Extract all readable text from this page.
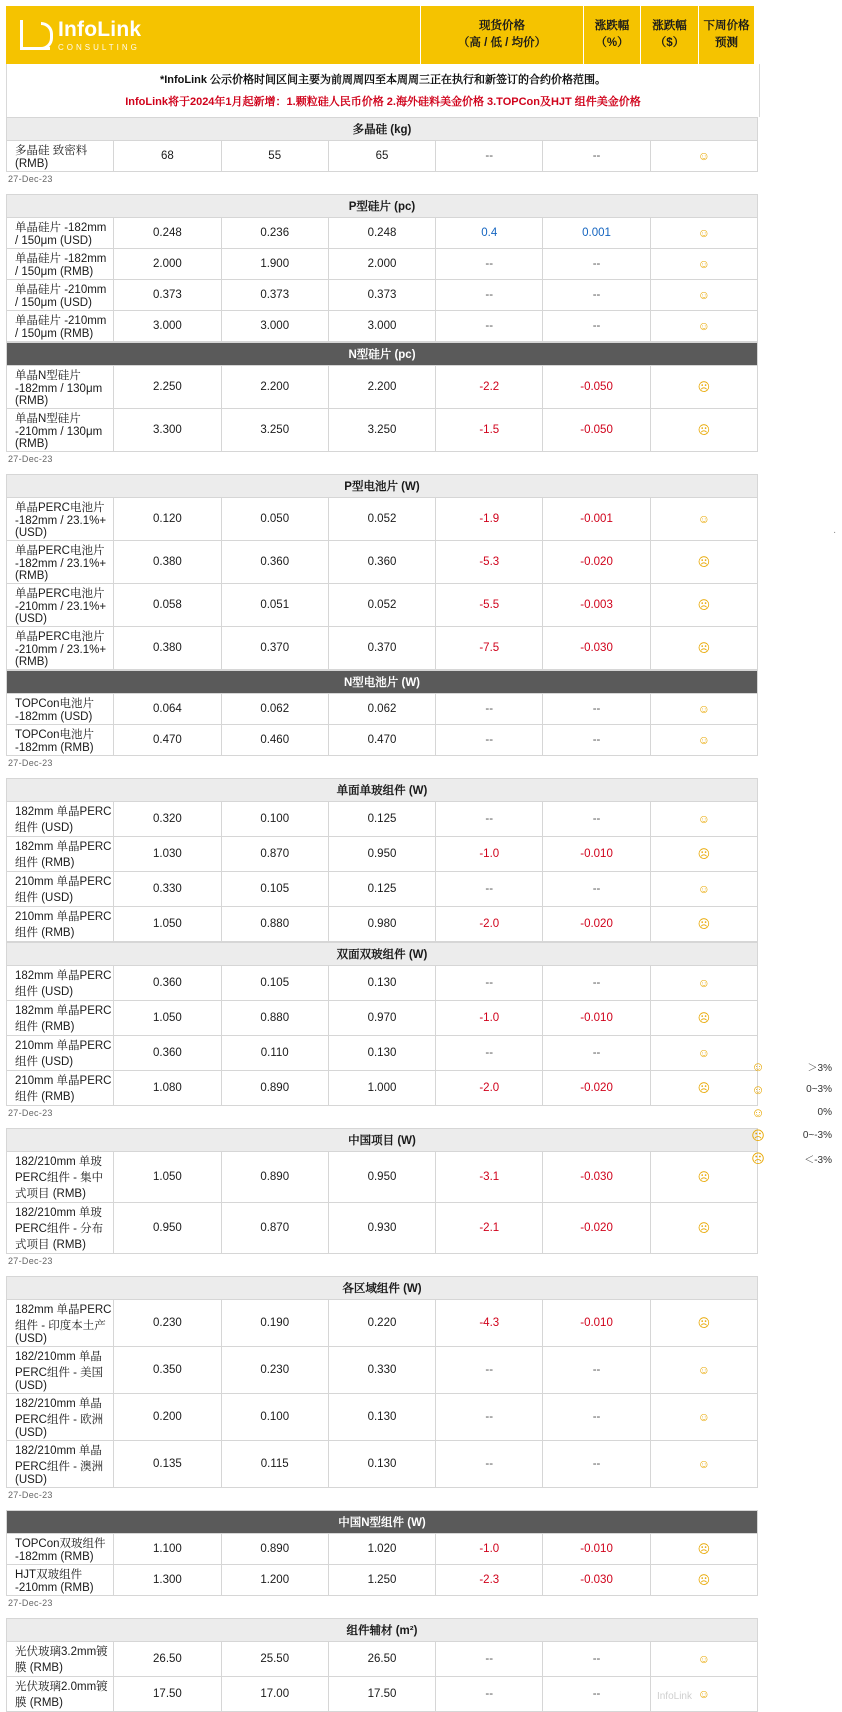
InfoLink
CONSULTING
现货价格
（高 / 低 / 均价）
涨跌幅
（%）
涨跌幅
（$）
下周价格
预测
*InfoLink 公示价格时间区间主要为前周周四至本周周三正在执行和新签订的合约价格范围。
InfoLink将于2024年1月起新增：1.颗粒硅人民币价格 2.海外硅料美金价格 3.TOPCon及HJT 组件美金价格
多晶硅 (kg)
多晶硅 致密料 (RMB)	68	55	65	--	--	☺
27-Dec-23
P型硅片 (pc)						
单晶硅片 -182mm / 150μm (USD)	0.248	0.236	0.248	0.4	0.001	☺
单晶硅片 -182mm / 150μm (RMB)	2.000	1.900	2.000	--	--	☺
单晶硅片 -210mm / 150μm (USD)	0.373	0.373	0.373	--	--	☺
单晶硅片 -210mm / 150μm (RMB)	3.000	3.000	3.000	--	--	☺
N型硅片 (pc)						
单晶N型硅片 -182mm / 130μm (RMB)	2.250	2.200	2.200	-2.2	-0.050	☹
单晶N型硅片 -210mm / 130μm (RMB)	3.300	3.250	3.250	-1.5	-0.050	☹
27-Dec-23
P型电池片 (W)						
单晶PERC电池片 -182mm / 23.1%+ (USD)	0.120	0.050	0.052	-1.9	-0.001	☺
单晶PERC电池片 -182mm / 23.1%+ (RMB)	0.380	0.360	0.360	-5.3	-0.020	☹
单晶PERC电池片 -210mm / 23.1%+ (USD)	0.058	0.051	0.052	-5.5	-0.003	☹
单晶PERC电池片 -210mm / 23.1%+ (RMB)	0.380	0.370	0.370	-7.5	-0.030	☹
N型电池片 (W)						
TOPCon电池片 -182mm (USD)	0.064	0.062	0.062	--	--	☺
TOPCon电池片 -182mm (RMB)	0.470	0.460	0.470	--	--	☺
27-Dec-23
单面单玻组件 (W)						
182mm 单晶PERC组件 (USD)	0.320	0.100	0.125	--	--	☺
182mm 单晶PERC组件 (RMB)	1.030	0.870	0.950	-1.0	-0.010	☹
210mm 单晶PERC组件 (USD)	0.330	0.105	0.125	--	--	☺
210mm 单晶PERC组件 (RMB)	1.050	0.880	0.980	-2.0	-0.020	☹
双面双玻组件 (W)						
182mm 单晶PERC组件 (USD)	0.360	0.105	0.130	--	--	☺
182mm 单晶PERC组件 (RMB)	1.050	0.880	0.970	-1.0	-0.010	☹
210mm 单晶PERC组件 (USD)	0.360	0.110	0.130	--	--	☺
210mm 单晶PERC组件 (RMB)	1.080	0.890	1.000	-2.0	-0.020	☹
27-Dec-23
中国项目 (W)						
182/210mm 单玻PERC组件 - 集中式项目 (RMB)	1.050	0.890	0.950	-3.1	-0.030	☹
182/210mm 单玻PERC组件 - 分布式项目 (RMB)	0.950	0.870	0.930	-2.1	-0.020	☹
27-Dec-23
各区域组件 (W)						
182mm 单晶PERC组件 - 印度本土产 (USD)	0.230	0.190	0.220	-4.3	-0.010	☹
182/210mm 单晶PERC组件 - 美国 (USD)	0.350	0.230	0.330	--	--	☺
182/210mm 单晶PERC组件 - 欧洲 (USD)	0.200	0.100	0.130	--	--	☺
182/210mm 单晶PERC组件 - 澳洲 (USD)	0.135	0.115	0.130	--	--	☺
27-Dec-23
中国N型组件 (W)						
TOPCon双玻组件 -182mm (RMB)	1.100	0.890	1.020	-1.0	-0.010	☹
HJT双玻组件 -210mm (RMB)	1.300	1.200	1.250	-2.3	-0.030	☹
27-Dec-23
组件辅材 (m²)						
光伏玻璃3.2mm镀膜 (RMB)	26.50	25.50	26.50	--	--	☺
光伏玻璃2.0mm镀膜 (RMB)	17.50	17.00	17.50	--	--	☺
☺	＞3%
☺	0~3%
☺	0%
☹	0~-3%
☹	＜-3%
.
InfoLink
